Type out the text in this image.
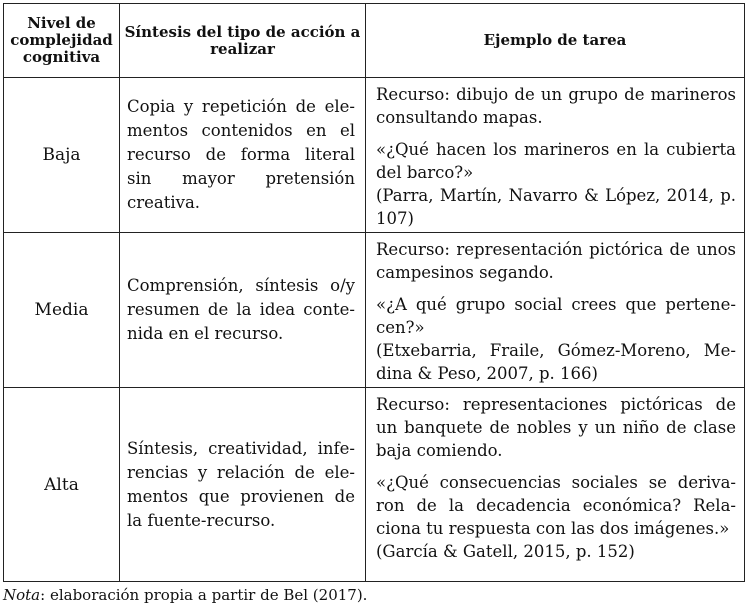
Nivel de complejidad cognitiva	Síntesis del tipo de acción a realizar	Ejemplo de tarea
Baja	Copia y repetición de elementos contenidos en el recurso de forma literal sin mayor pretensión creativa.	Recurso: dibujo de un grupo de marineros consultando mapas.

«¿Qué hacen los marineros en la cubierta del barco?»

(Parra, Martín, Navarro & López, 2014, p. 107)

Media	Comprensión, síntesis o/y resumen de la idea contenida en el recurso.	Recurso: representación pictórica de unos campesinos segando.

«¿A qué grupo social crees que pertenecen?»

(Etxebarria, Fraile, Gómez-Moreno, Medina & Peso, 2007, p. 166)

Alta	Síntesis, creatividad, inferencias y relación de elementos que provienen de la fuente-recurso.	Recurso: representaciones pictóricas de un banquete de nobles y un niño de clase baja comiendo.

«¿Qué consecuencias sociales se derivaron de la decadencia económica? Relaciona tu respuesta con las dos imágenes.»

(García & Gatell, 2015, p. 152)

Nota: elaboración propia a partir de Bel (2017).
